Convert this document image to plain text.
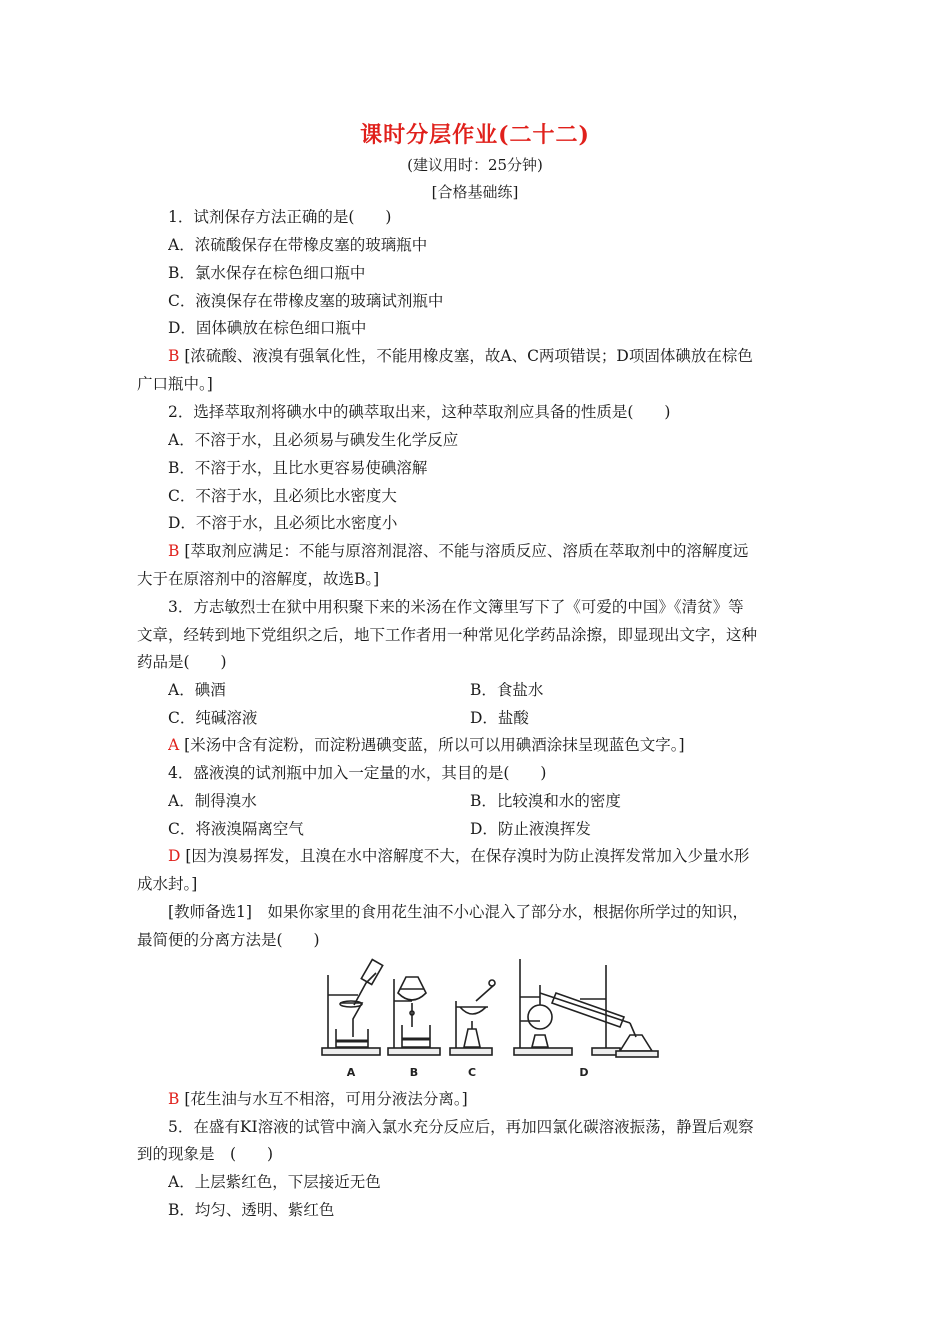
课时分层作业(二十二)
(建议用时：25分钟)
[合格基础练]
1．试剂保存方法正确的是(　　)
A．浓硫酸保存在带橡皮塞的玻璃瓶中
B．氯水保存在棕色细口瓶中
C．液溴保存在带橡皮塞的玻璃试剂瓶中
D．固体碘放在棕色细口瓶中
B [浓硫酸、液溴有强氧化性，不能用橡皮塞，故A、C两项错误；D项固体碘放在棕色
广口瓶中。]
2．选择萃取剂将碘水中的碘萃取出来，这种萃取剂应具备的性质是(　　)
A．不溶于水，且必须易与碘发生化学反应
B．不溶于水，且比水更容易使碘溶解
C．不溶于水，且必须比水密度大
D．不溶于水，且必须比水密度小
B [萃取剂应满足：不能与原溶剂混溶、不能与溶质反应、溶质在萃取剂中的溶解度远
大于在原溶剂中的溶解度，故选B。]
3．方志敏烈士在狱中用积聚下来的米汤在作文簿里写下了《可爱的中国》《清贫》等
文章，经转到地下党组织之后，地下工作者用一种常见化学药品涂擦，即显现出文字，这种
药品是(　　)
A．碘酒	B．食盐水
C．纯碱溶液	D．盐酸
A [米汤中含有淀粉，而淀粉遇碘变蓝，所以可以用碘酒涂抹呈现蓝色文字。]
4．盛液溴的试剂瓶中加入一定量的水，其目的是(　　)
A．制得溴水	B．比较溴和水的密度
C．将液溴隔离空气	D．防止液溴挥发
D [因为溴易挥发，且溴在水中溶解度不大，在保存溴时为防止溴挥发常加入少量水形
成水封。]
[教师备选1]　如果你家里的食用花生油不小心混入了部分水，根据你所学过的知识，
最简便的分离方法是(　　)
A	B	C	D
B [花生油与水互不相溶，可用分液法分离。]
5．在盛有KI溶液的试管中滴入氯水充分反应后，再加四氯化碳溶液振荡，静置后观察
到的现象是　(　　)
A．上层紫红色，下层接近无色
B．均匀、透明、紫红色
